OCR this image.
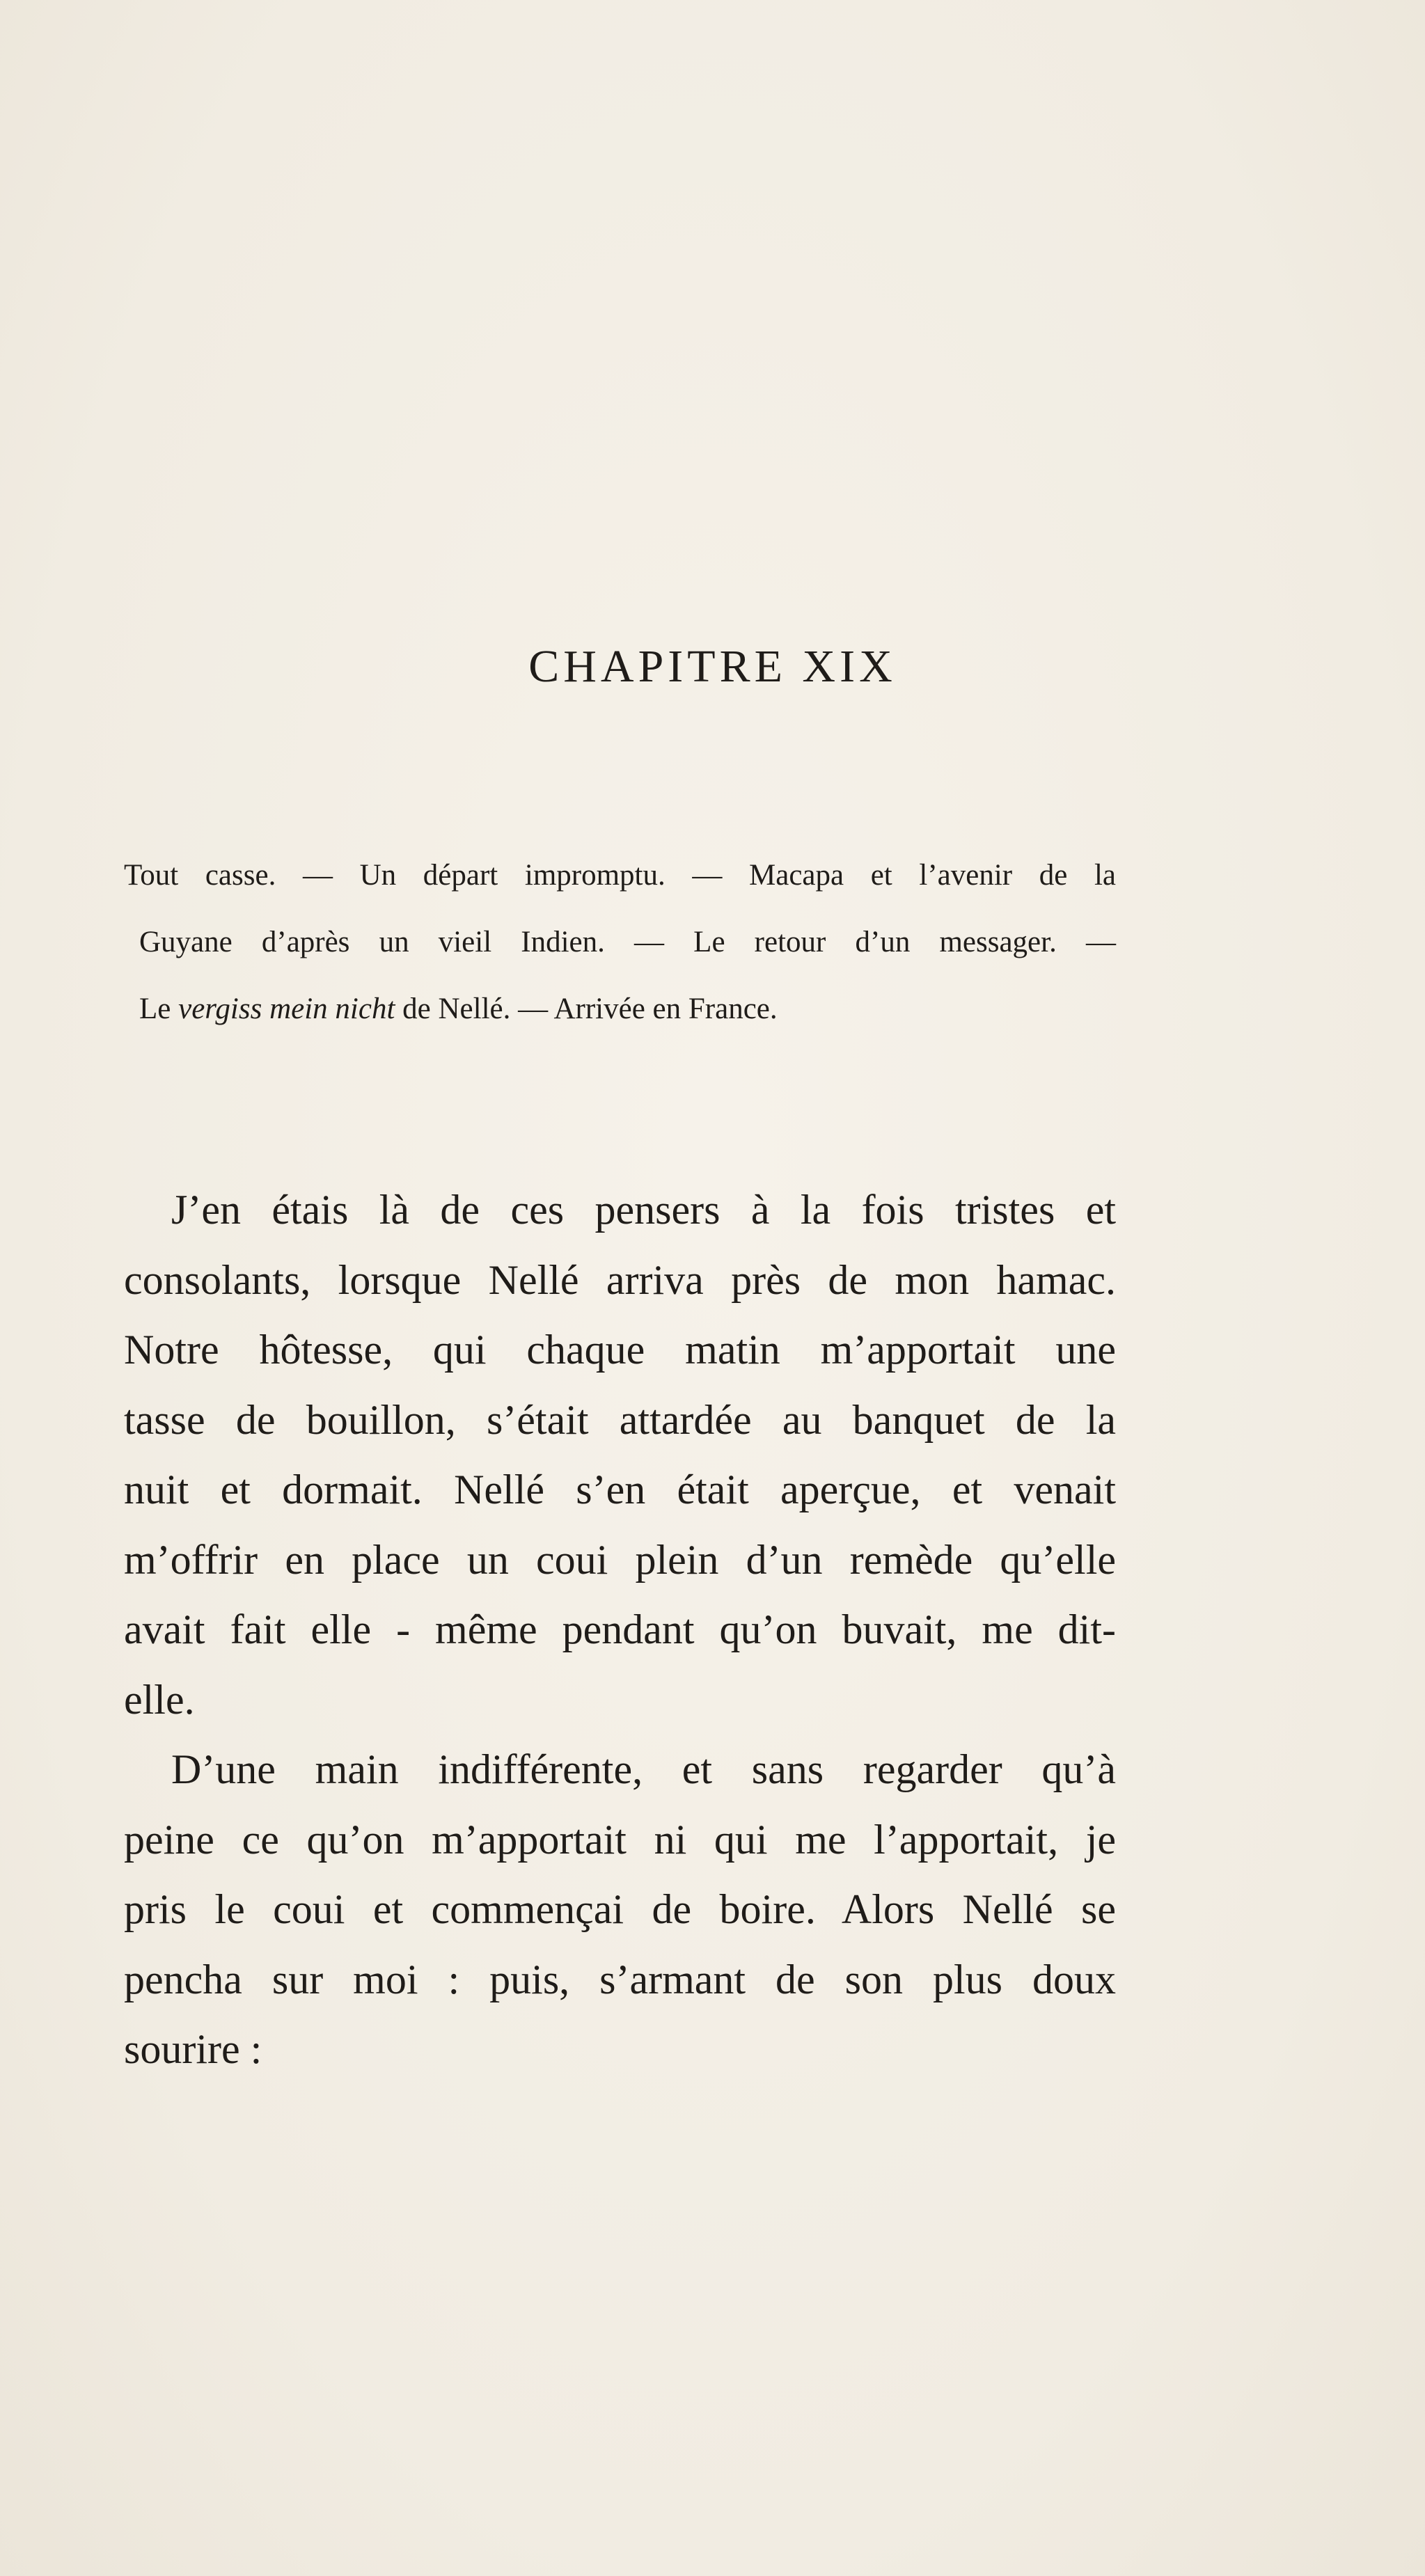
CHAPITRE XIX
Tout casse. — Un départ impromptu. — Macapa et l’avenir de la
Guyane d’après un vieil Indien. — Le retour d’un messager. —
Le vergiss mein nicht de Nellé. — Arrivée en France.

J’en étais là de ces pensers à la fois tristes et
consolants, lorsque Nellé arriva près de mon hamac.
Notre hôtesse, qui chaque matin m’apportait une
tasse de bouillon, s’était attardée au banquet de la
nuit et dormait. Nellé s’en était aperçue, et venait
m’offrir en place un coui plein d’un remède qu’elle
avait fait elle - même pendant qu’on buvait, me dit-
elle.

D’une main indifférente, et sans regarder qu’à
peine ce qu’on m’apportait ni qui me l’apportait, je
pris le coui et commençai de boire. Alors Nellé se
pencha sur moi : puis, s’armant de son plus doux
sourire :
